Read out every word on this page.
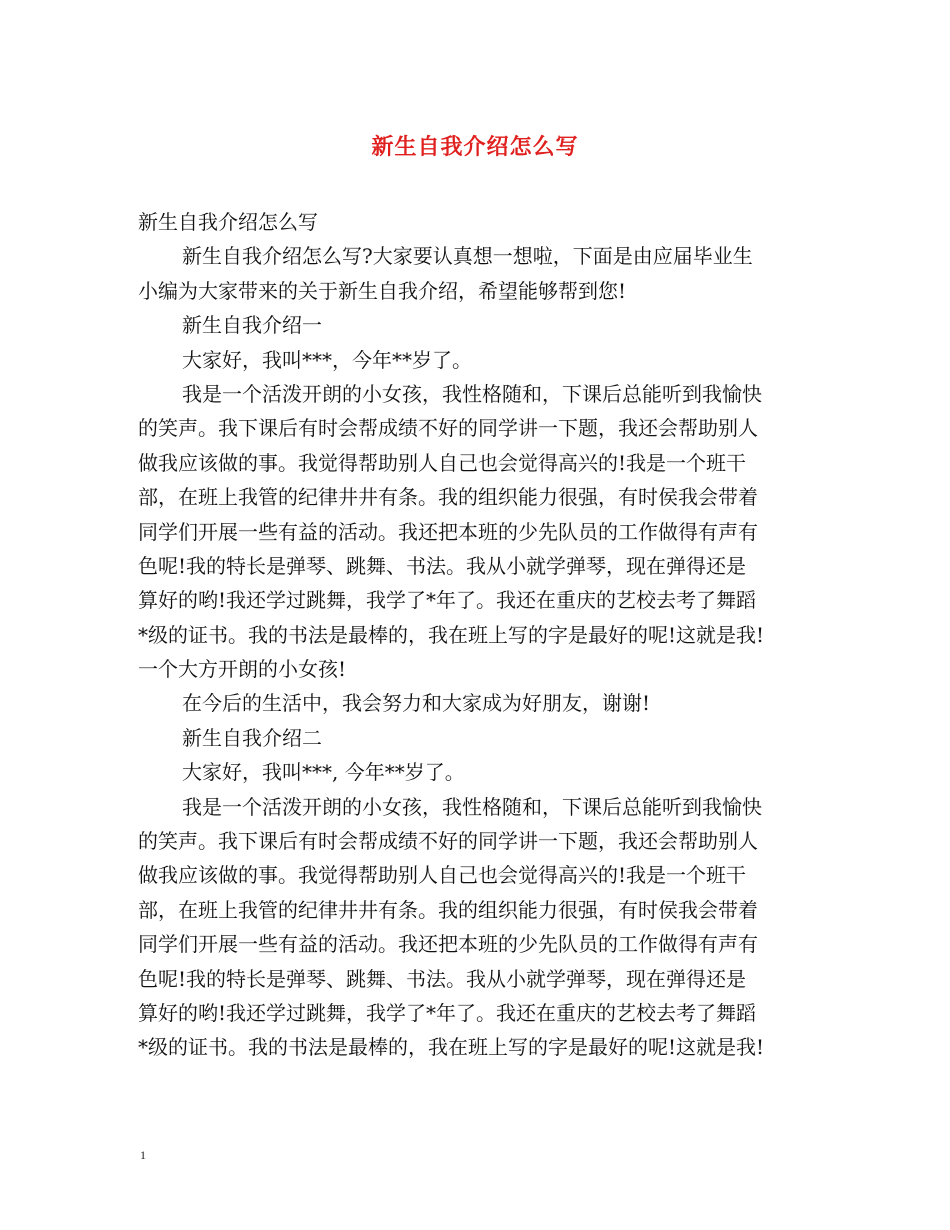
新生自我介绍怎么写
新生自我介绍怎么写
新生自我介绍怎么写?大家要认真想一想啦，下面是由应届毕业生
小编为大家带来的关于新生自我介绍，希望能够帮到您!
新生自我介绍一
大家好，我叫***，今年**岁了。
我是一个活泼开朗的小女孩，我性格随和，下课后总能听到我愉快
的笑声。我下课后有时会帮成绩不好的同学讲一下题，我还会帮助别人
做我应该做的事。我觉得帮助别人自己也会觉得高兴的!我是一个班干
部，在班上我管的纪律井井有条。我的组织能力很强，有时侯我会带着
同学们开展一些有益的活动。我还把本班的少先队员的工作做得有声有
色呢!我的特长是弹琴、跳舞、书法。我从小就学弹琴，现在弹得还是
算好的哟!我还学过跳舞，我学了*年了。我还在重庆的艺校去考了舞蹈
*级的证书。我的书法是最棒的，我在班上写的字是最好的呢!这就是我!
一个大方开朗的小女孩!
在今后的生活中，我会努力和大家成为好朋友，谢谢!
新生自我介绍二
大家好，我叫***, 今年**岁了。
我是一个活泼开朗的小女孩，我性格随和，下课后总能听到我愉快
的笑声。我下课后有时会帮成绩不好的同学讲一下题，我还会帮助别人
做我应该做的事。我觉得帮助别人自己也会觉得高兴的!我是一个班干
部，在班上我管的纪律井井有条。我的组织能力很强，有时侯我会带着
同学们开展一些有益的活动。我还把本班的少先队员的工作做得有声有
色呢!我的特长是弹琴、跳舞、书法。我从小就学弹琴，现在弹得还是
算好的哟!我还学过跳舞，我学了*年了。我还在重庆的艺校去考了舞蹈
*级的证书。我的书法是最棒的，我在班上写的字是最好的呢!这就是我!
1
